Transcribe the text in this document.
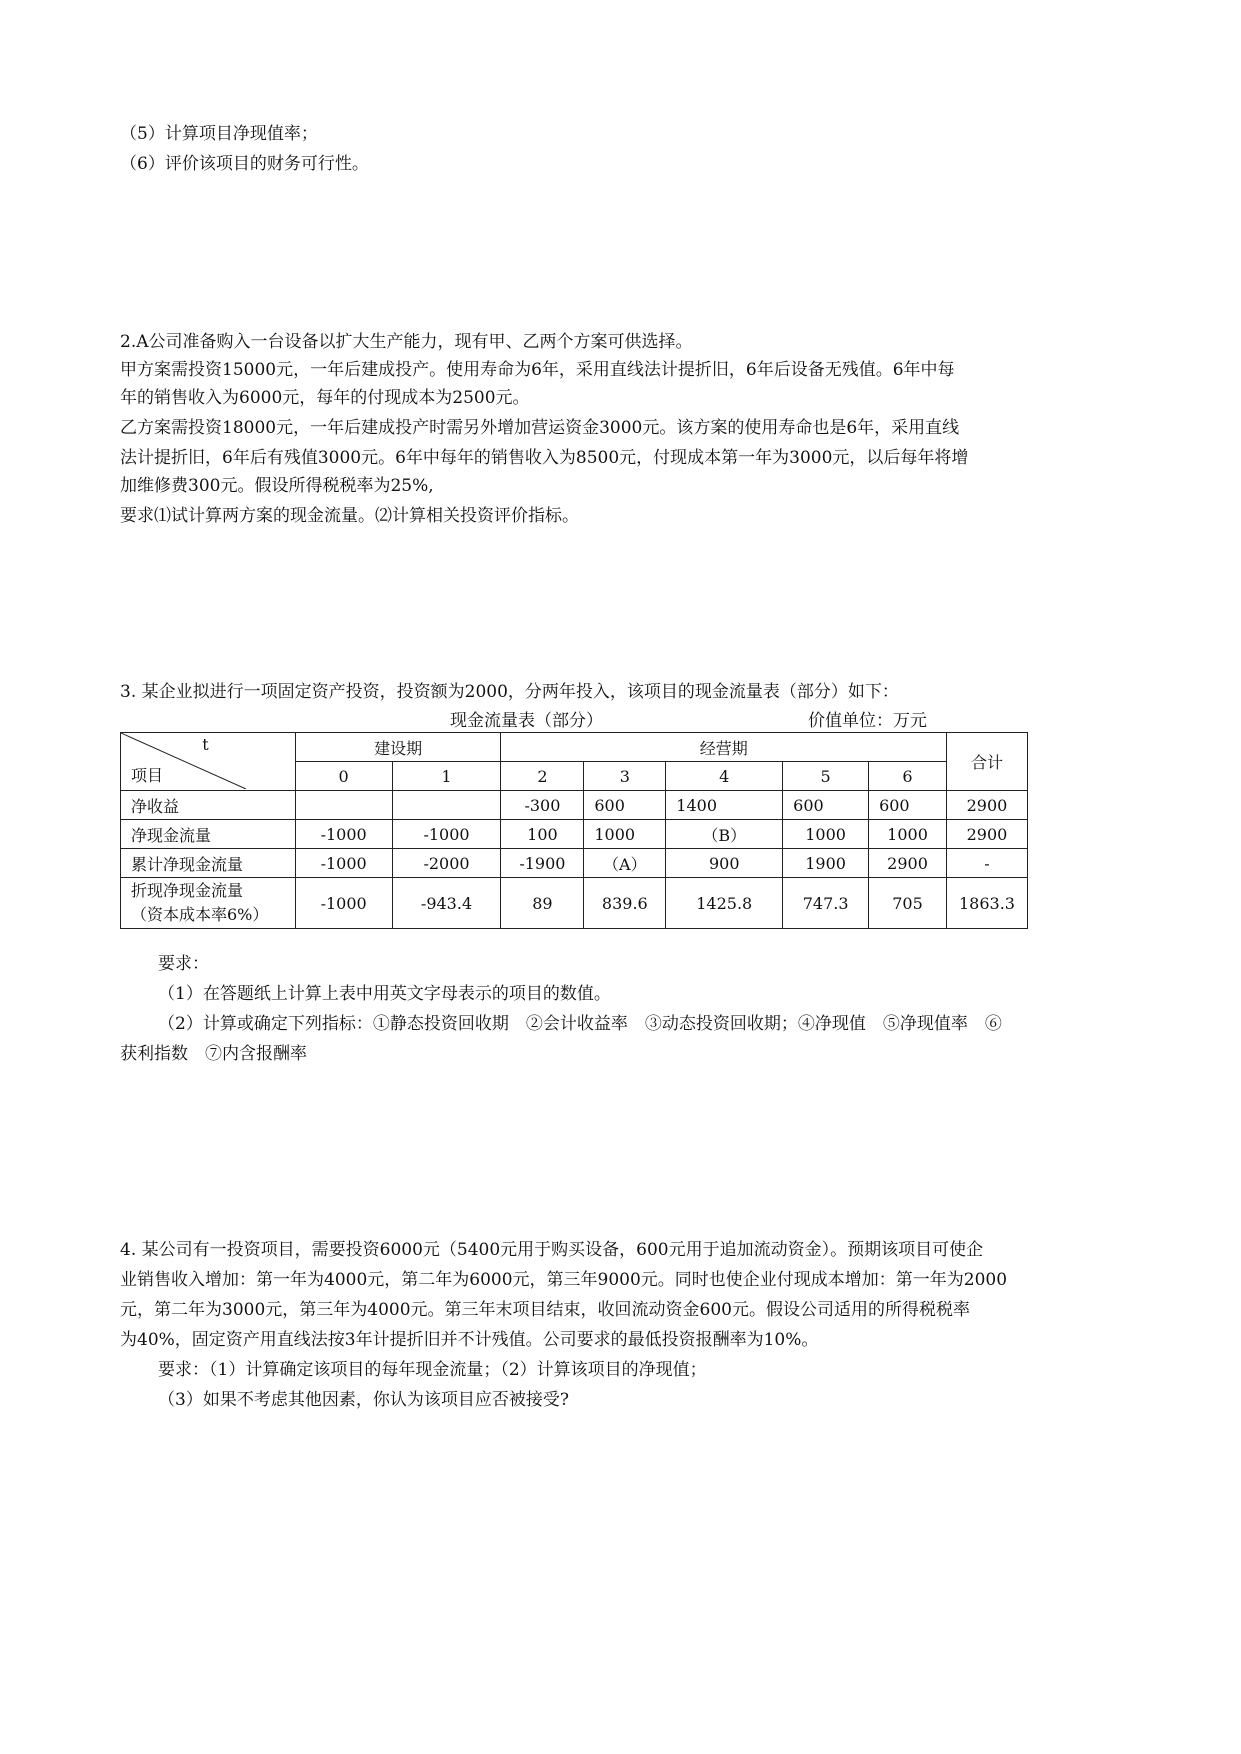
（5）计算项目净现值率；
（6）评价该项目的财务可行性。
2.A公司准备购入一台设备以扩大生产能力，现有甲、乙两个方案可供选择。
甲方案需投资15000元，一年后建成投产。使用寿命为6年，采用直线法计提折旧，6年后设备无残值。6年中每
年的销售收入为6000元，每年的付现成本为2500元。
乙方案需投资18000元，一年后建成投产时需另外增加营运资金3000元。该方案的使用寿命也是6年，采用直线
法计提折旧，6年后有残值3000元。6年中每年的销售收入为8500元，付现成本第一年为3000元，以后每年将增
加维修费300元。假设所得税税率为25%,
要求⑴试计算两方案的现金流量。⑵计算相关投资评价指标。
3. 某企业拟进行一项固定资产投资，投资额为2000，分两年投入，该项目的现金流量表（部分）如下：
现金流量表（部分）	价值单位：万元
t
项目	建设期		经营期					合计
	0	1	2	3	4	5	6	
净收益			-300	600	1400	600	600	2900
净现金流量	-1000	-1000	100	1000	（B）	1000	1000	2900
累计净现金流量	-1000	-2000	-1900	（A）	900	1900	2900	-
折现净现金流量
（资本成本率6%）	-1000	-943.4	89	839.6	1425.8	747.3	705	1863.3
要求：
（1）在答题纸上计算上表中用英文字母表示的项目的数值。
（2）计算或确定下列指标：①静态投资回收期　②会计收益率　③动态投资回收期；④净现值　⑤净现值率　⑥
获利指数　⑦内含报酬率
4. 某公司有一投资项目，需要投资6000元（5400元用于购买设备，600元用于追加流动资金）。预期该项目可使企
业销售收入增加：第一年为4000元，第二年为6000元，第三年9000元。同时也使企业付现成本增加：第一年为2000
元，第二年为3000元，第三年为4000元。第三年末项目结束，收回流动资金600元。假设公司适用的所得税税率
为40%，固定资产用直线法按3年计提折旧并不计残值。公司要求的最低投资报酬率为10%。
要求：（1）计算确定该项目的每年现金流量；（2）计算该项目的净现值；
（3）如果不考虑其他因素，你认为该项目应否被接受?
